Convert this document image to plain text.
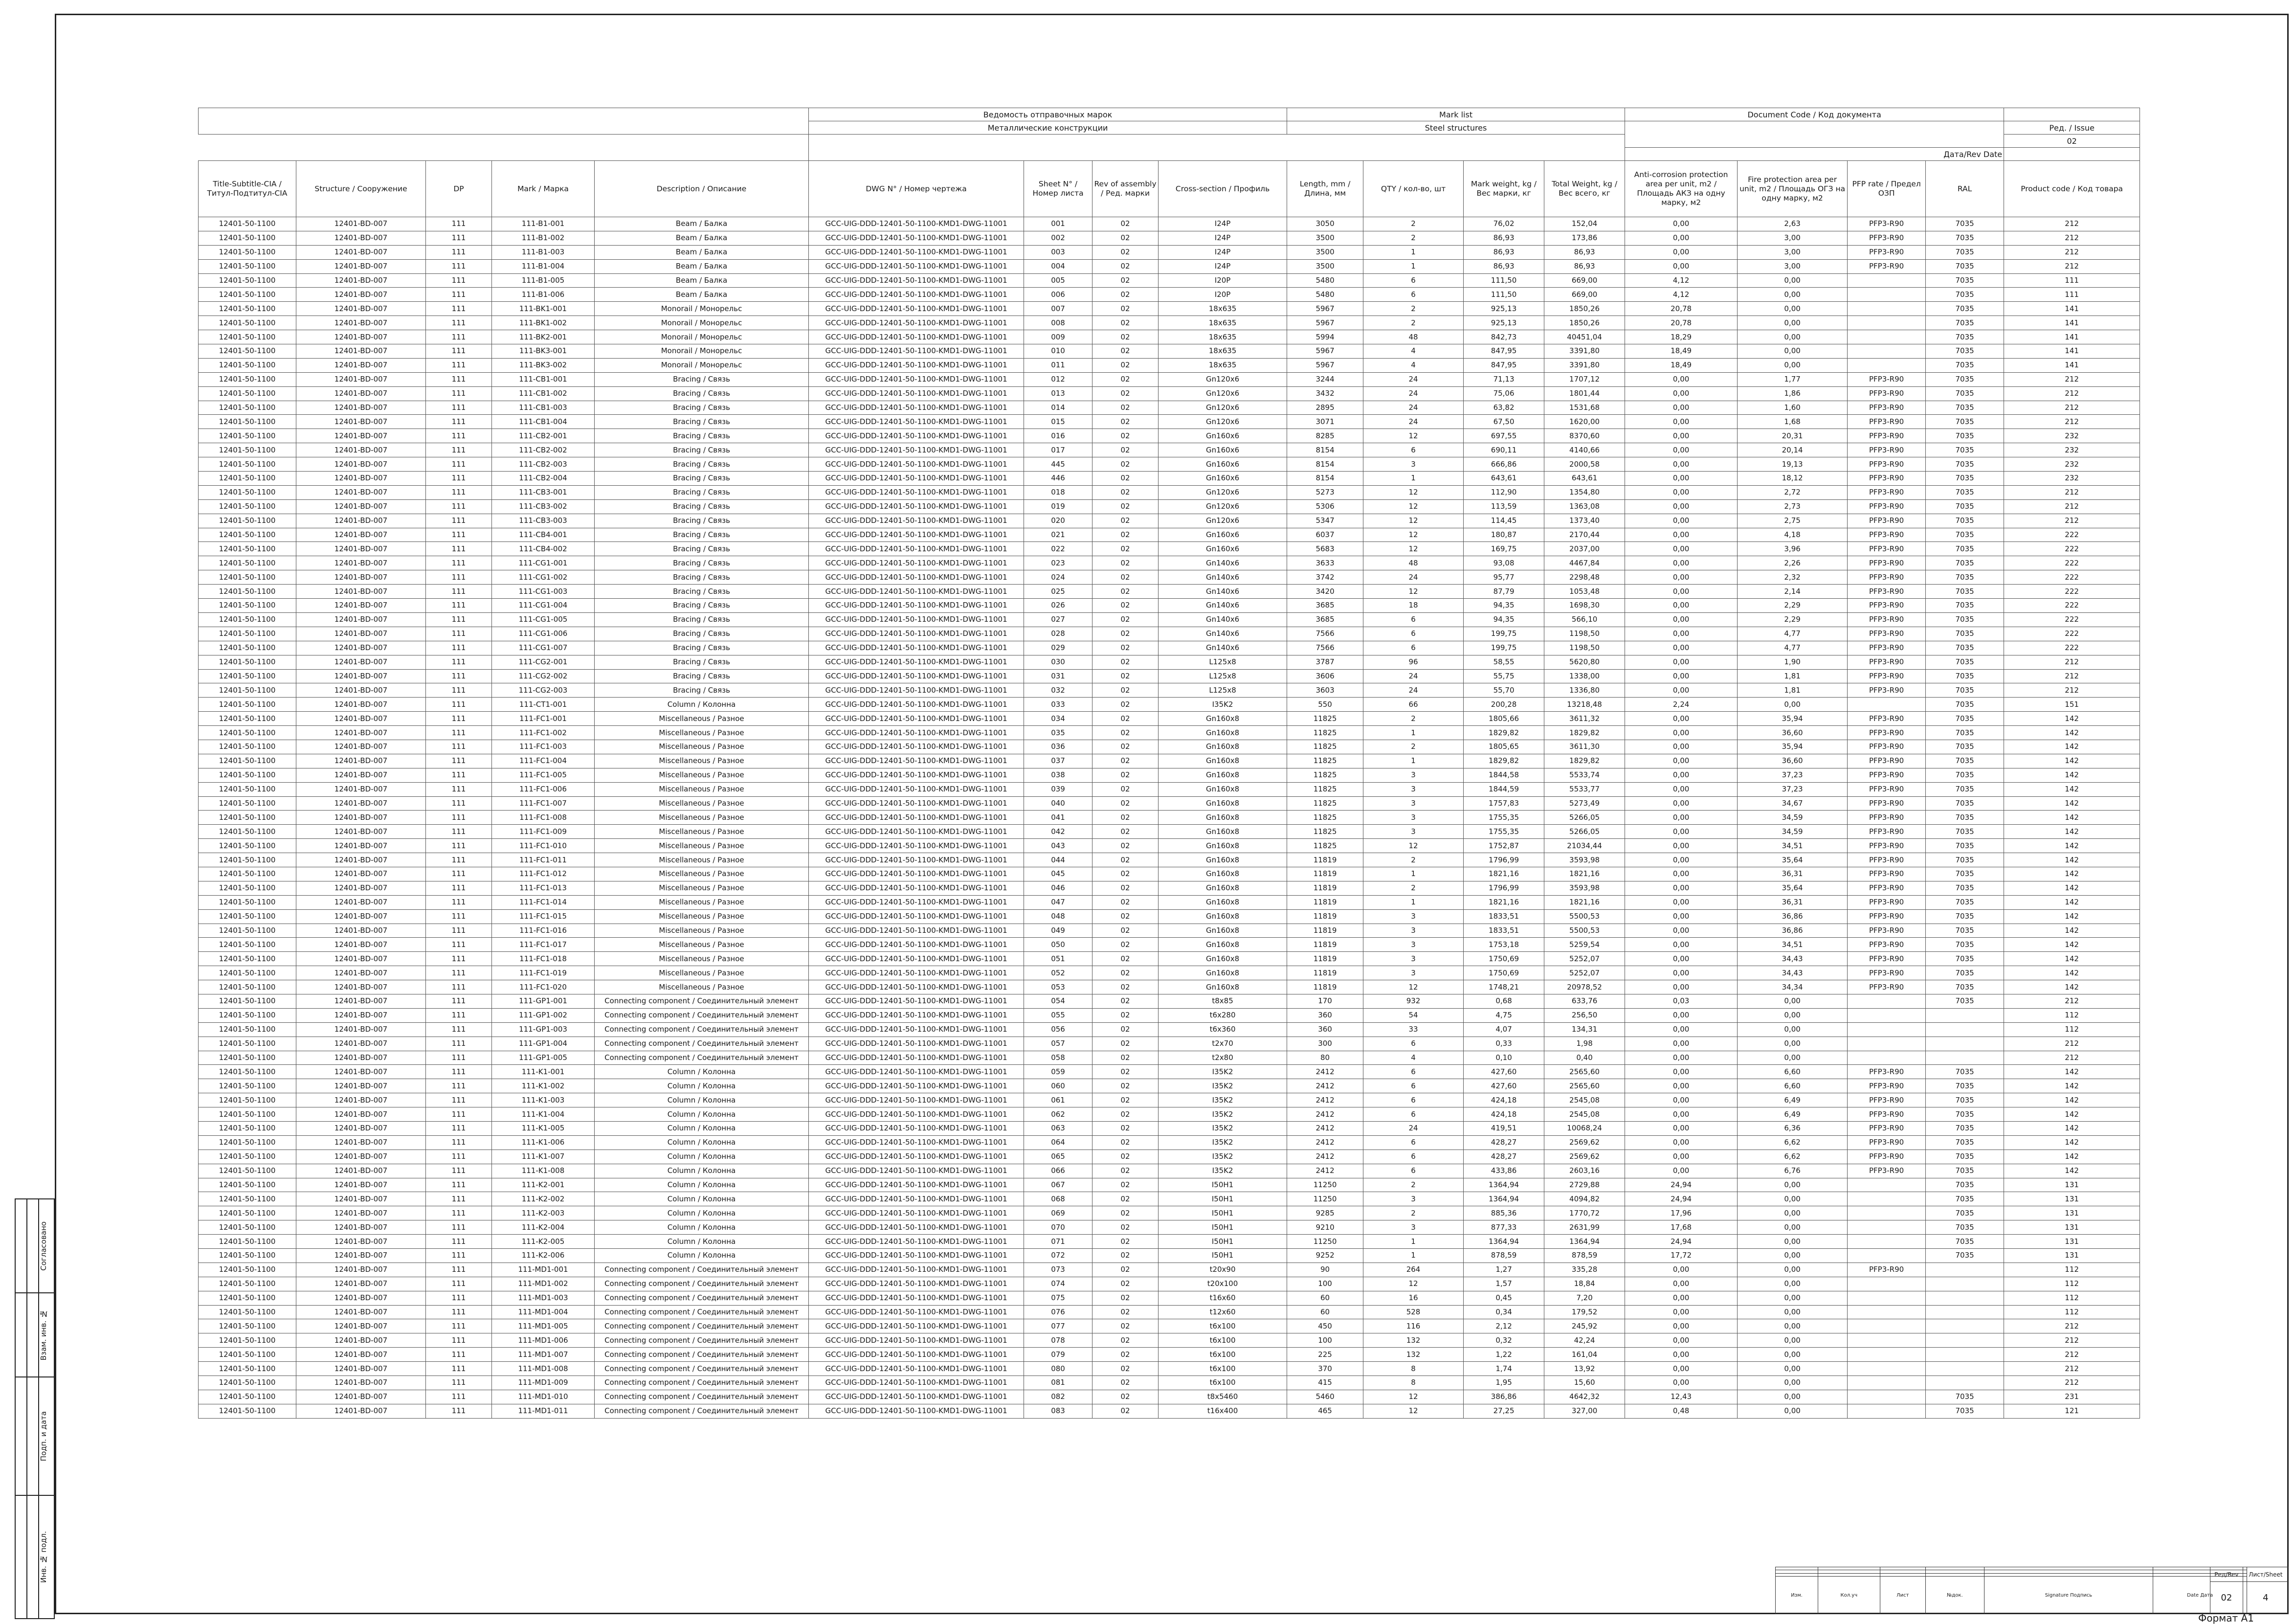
		Согласовано

		Взам. инв. №

		Подп. и дата

		Инв. № подл.
					Ведомость отправочных марок				Mark list				Document Code / Код документа				
					Металлические конструкции				Steel structures								Ред. / Issue
																	02
													Дата/Rev Date				
Title-Subtitle-CIA / Титул-Подтитул-CIA	Structure / Сооружение	DP	Mark / Марка	Description / Описание	DWG N° / Номер чертежа	Sheet N° / Номер листа	Rev of assembly / Ред. марки	Cross-section / Профиль	Length, mm / Длина, мм	QTY / кол-во, шт	Mark weight, kg / Вес марки, кг	Total Weight, kg / Вес всего, кг	Anti-corrosion protection area per unit, m2 / Площадь АКЗ на одну марку, м2	Fire protection area per unit, m2 / Площадь ОГЗ на одну марку, м2	PFP rate / Предел ОЗП	RAL	Product code / Код товара
12401-50-1100	12401-BD-007	111	111-B1-001	Beam / Балка	GCC-UIG-DDD-12401-50-1100-KMD1-DWG-11001	001	02	I24P	3050	2	76,02	152,04	0,00	2,63	PFP3-R90	7035	212
12401-50-1100	12401-BD-007	111	111-B1-002	Beam / Балка	GCC-UIG-DDD-12401-50-1100-KMD1-DWG-11001	002	02	I24P	3500	2	86,93	173,86	0,00	3,00	PFP3-R90	7035	212
12401-50-1100	12401-BD-007	111	111-B1-003	Beam / Балка	GCC-UIG-DDD-12401-50-1100-KMD1-DWG-11001	003	02	I24P	3500	1	86,93	86,93	0,00	3,00	PFP3-R90	7035	212
12401-50-1100	12401-BD-007	111	111-B1-004	Beam / Балка	GCC-UIG-DDD-12401-50-1100-KMD1-DWG-11001	004	02	I24P	3500	1	86,93	86,93	0,00	3,00	PFP3-R90	7035	212
12401-50-1100	12401-BD-007	111	111-B1-005	Beam / Балка	GCC-UIG-DDD-12401-50-1100-KMD1-DWG-11001	005	02	I20P	5480	6	111,50	669,00	4,12	0,00		7035	111
12401-50-1100	12401-BD-007	111	111-B1-006	Beam / Балка	GCC-UIG-DDD-12401-50-1100-KMD1-DWG-11001	006	02	I20P	5480	6	111,50	669,00	4,12	0,00		7035	111
12401-50-1100	12401-BD-007	111	111-BK1-001	Monorail / Монорельс	GCC-UIG-DDD-12401-50-1100-KMD1-DWG-11001	007	02	18x635	5967	2	925,13	1850,26	20,78	0,00		7035	141
12401-50-1100	12401-BD-007	111	111-BK1-002	Monorail / Монорельс	GCC-UIG-DDD-12401-50-1100-KMD1-DWG-11001	008	02	18x635	5967	2	925,13	1850,26	20,78	0,00		7035	141
12401-50-1100	12401-BD-007	111	111-BK2-001	Monorail / Монорельс	GCC-UIG-DDD-12401-50-1100-KMD1-DWG-11001	009	02	18x635	5994	48	842,73	40451,04	18,29	0,00		7035	141
12401-50-1100	12401-BD-007	111	111-BK3-001	Monorail / Монорельс	GCC-UIG-DDD-12401-50-1100-KMD1-DWG-11001	010	02	18x635	5967	4	847,95	3391,80	18,49	0,00		7035	141
12401-50-1100	12401-BD-007	111	111-BK3-002	Monorail / Монорельс	GCC-UIG-DDD-12401-50-1100-KMD1-DWG-11001	011	02	18x635	5967	4	847,95	3391,80	18,49	0,00		7035	141
12401-50-1100	12401-BD-007	111	111-CB1-001	Bracing / Связь	GCC-UIG-DDD-12401-50-1100-KMD1-DWG-11001	012	02	Gn120x6	3244	24	71,13	1707,12	0,00	1,77	PFP3-R90	7035	212
12401-50-1100	12401-BD-007	111	111-CB1-002	Bracing / Связь	GCC-UIG-DDD-12401-50-1100-KMD1-DWG-11001	013	02	Gn120x6	3432	24	75,06	1801,44	0,00	1,86	PFP3-R90	7035	212
12401-50-1100	12401-BD-007	111	111-CB1-003	Bracing / Связь	GCC-UIG-DDD-12401-50-1100-KMD1-DWG-11001	014	02	Gn120x6	2895	24	63,82	1531,68	0,00	1,60	PFP3-R90	7035	212
12401-50-1100	12401-BD-007	111	111-CB1-004	Bracing / Связь	GCC-UIG-DDD-12401-50-1100-KMD1-DWG-11001	015	02	Gn120x6	3071	24	67,50	1620,00	0,00	1,68	PFP3-R90	7035	212
12401-50-1100	12401-BD-007	111	111-CB2-001	Bracing / Связь	GCC-UIG-DDD-12401-50-1100-KMD1-DWG-11001	016	02	Gn160x6	8285	12	697,55	8370,60	0,00	20,31	PFP3-R90	7035	232
12401-50-1100	12401-BD-007	111	111-CB2-002	Bracing / Связь	GCC-UIG-DDD-12401-50-1100-KMD1-DWG-11001	017	02	Gn160x6	8154	6	690,11	4140,66	0,00	20,14	PFP3-R90	7035	232
12401-50-1100	12401-BD-007	111	111-CB2-003	Bracing / Связь	GCC-UIG-DDD-12401-50-1100-KMD1-DWG-11001	445	02	Gn160x6	8154	3	666,86	2000,58	0,00	19,13	PFP3-R90	7035	232
12401-50-1100	12401-BD-007	111	111-CB2-004	Bracing / Связь	GCC-UIG-DDD-12401-50-1100-KMD1-DWG-11001	446	02	Gn160x6	8154	1	643,61	643,61	0,00	18,12	PFP3-R90	7035	232
12401-50-1100	12401-BD-007	111	111-CB3-001	Bracing / Связь	GCC-UIG-DDD-12401-50-1100-KMD1-DWG-11001	018	02	Gn120x6	5273	12	112,90	1354,80	0,00	2,72	PFP3-R90	7035	212
12401-50-1100	12401-BD-007	111	111-CB3-002	Bracing / Связь	GCC-UIG-DDD-12401-50-1100-KMD1-DWG-11001	019	02	Gn120x6	5306	12	113,59	1363,08	0,00	2,73	PFP3-R90	7035	212
12401-50-1100	12401-BD-007	111	111-CB3-003	Bracing / Связь	GCC-UIG-DDD-12401-50-1100-KMD1-DWG-11001	020	02	Gn120x6	5347	12	114,45	1373,40	0,00	2,75	PFP3-R90	7035	212
12401-50-1100	12401-BD-007	111	111-CB4-001	Bracing / Связь	GCC-UIG-DDD-12401-50-1100-KMD1-DWG-11001	021	02	Gn160x6	6037	12	180,87	2170,44	0,00	4,18	PFP3-R90	7035	222
12401-50-1100	12401-BD-007	111	111-CB4-002	Bracing / Связь	GCC-UIG-DDD-12401-50-1100-KMD1-DWG-11001	022	02	Gn160x6	5683	12	169,75	2037,00	0,00	3,96	PFP3-R90	7035	222
12401-50-1100	12401-BD-007	111	111-CG1-001	Bracing / Связь	GCC-UIG-DDD-12401-50-1100-KMD1-DWG-11001	023	02	Gn140x6	3633	48	93,08	4467,84	0,00	2,26	PFP3-R90	7035	222
12401-50-1100	12401-BD-007	111	111-CG1-002	Bracing / Связь	GCC-UIG-DDD-12401-50-1100-KMD1-DWG-11001	024	02	Gn140x6	3742	24	95,77	2298,48	0,00	2,32	PFP3-R90	7035	222
12401-50-1100	12401-BD-007	111	111-CG1-003	Bracing / Связь	GCC-UIG-DDD-12401-50-1100-KMD1-DWG-11001	025	02	Gn140x6	3420	12	87,79	1053,48	0,00	2,14	PFP3-R90	7035	222
12401-50-1100	12401-BD-007	111	111-CG1-004	Bracing / Связь	GCC-UIG-DDD-12401-50-1100-KMD1-DWG-11001	026	02	Gn140x6	3685	18	94,35	1698,30	0,00	2,29	PFP3-R90	7035	222
12401-50-1100	12401-BD-007	111	111-CG1-005	Bracing / Связь	GCC-UIG-DDD-12401-50-1100-KMD1-DWG-11001	027	02	Gn140x6	3685	6	94,35	566,10	0,00	2,29	PFP3-R90	7035	222
12401-50-1100	12401-BD-007	111	111-CG1-006	Bracing / Связь	GCC-UIG-DDD-12401-50-1100-KMD1-DWG-11001	028	02	Gn140x6	7566	6	199,75	1198,50	0,00	4,77	PFP3-R90	7035	222
12401-50-1100	12401-BD-007	111	111-CG1-007	Bracing / Связь	GCC-UIG-DDD-12401-50-1100-KMD1-DWG-11001	029	02	Gn140x6	7566	6	199,75	1198,50	0,00	4,77	PFP3-R90	7035	222
12401-50-1100	12401-BD-007	111	111-CG2-001	Bracing / Связь	GCC-UIG-DDD-12401-50-1100-KMD1-DWG-11001	030	02	L125x8	3787	96	58,55	5620,80	0,00	1,90	PFP3-R90	7035	212
12401-50-1100	12401-BD-007	111	111-CG2-002	Bracing / Связь	GCC-UIG-DDD-12401-50-1100-KMD1-DWG-11001	031	02	L125x8	3606	24	55,75	1338,00	0,00	1,81	PFP3-R90	7035	212
12401-50-1100	12401-BD-007	111	111-CG2-003	Bracing / Связь	GCC-UIG-DDD-12401-50-1100-KMD1-DWG-11001	032	02	L125x8	3603	24	55,70	1336,80	0,00	1,81	PFP3-R90	7035	212
12401-50-1100	12401-BD-007	111	111-CT1-001	Column / Колонна	GCC-UIG-DDD-12401-50-1100-KMD1-DWG-11001	033	02	I35K2	550	66	200,28	13218,48	2,24	0,00		7035	151
12401-50-1100	12401-BD-007	111	111-FC1-001	Miscellaneous / Разное	GCC-UIG-DDD-12401-50-1100-KMD1-DWG-11001	034	02	Gn160x8	11825	2	1805,66	3611,32	0,00	35,94	PFP3-R90	7035	142
12401-50-1100	12401-BD-007	111	111-FC1-002	Miscellaneous / Разное	GCC-UIG-DDD-12401-50-1100-KMD1-DWG-11001	035	02	Gn160x8	11825	1	1829,82	1829,82	0,00	36,60	PFP3-R90	7035	142
12401-50-1100	12401-BD-007	111	111-FC1-003	Miscellaneous / Разное	GCC-UIG-DDD-12401-50-1100-KMD1-DWG-11001	036	02	Gn160x8	11825	2	1805,65	3611,30	0,00	35,94	PFP3-R90	7035	142
12401-50-1100	12401-BD-007	111	111-FC1-004	Miscellaneous / Разное	GCC-UIG-DDD-12401-50-1100-KMD1-DWG-11001	037	02	Gn160x8	11825	1	1829,82	1829,82	0,00	36,60	PFP3-R90	7035	142
12401-50-1100	12401-BD-007	111	111-FC1-005	Miscellaneous / Разное	GCC-UIG-DDD-12401-50-1100-KMD1-DWG-11001	038	02	Gn160x8	11825	3	1844,58	5533,74	0,00	37,23	PFP3-R90	7035	142
12401-50-1100	12401-BD-007	111	111-FC1-006	Miscellaneous / Разное	GCC-UIG-DDD-12401-50-1100-KMD1-DWG-11001	039	02	Gn160x8	11825	3	1844,59	5533,77	0,00	37,23	PFP3-R90	7035	142
12401-50-1100	12401-BD-007	111	111-FC1-007	Miscellaneous / Разное	GCC-UIG-DDD-12401-50-1100-KMD1-DWG-11001	040	02	Gn160x8	11825	3	1757,83	5273,49	0,00	34,67	PFP3-R90	7035	142
12401-50-1100	12401-BD-007	111	111-FC1-008	Miscellaneous / Разное	GCC-UIG-DDD-12401-50-1100-KMD1-DWG-11001	041	02	Gn160x8	11825	3	1755,35	5266,05	0,00	34,59	PFP3-R90	7035	142
12401-50-1100	12401-BD-007	111	111-FC1-009	Miscellaneous / Разное	GCC-UIG-DDD-12401-50-1100-KMD1-DWG-11001	042	02	Gn160x8	11825	3	1755,35	5266,05	0,00	34,59	PFP3-R90	7035	142
12401-50-1100	12401-BD-007	111	111-FC1-010	Miscellaneous / Разное	GCC-UIG-DDD-12401-50-1100-KMD1-DWG-11001	043	02	Gn160x8	11825	12	1752,87	21034,44	0,00	34,51	PFP3-R90	7035	142
12401-50-1100	12401-BD-007	111	111-FC1-011	Miscellaneous / Разное	GCC-UIG-DDD-12401-50-1100-KMD1-DWG-11001	044	02	Gn160x8	11819	2	1796,99	3593,98	0,00	35,64	PFP3-R90	7035	142
12401-50-1100	12401-BD-007	111	111-FC1-012	Miscellaneous / Разное	GCC-UIG-DDD-12401-50-1100-KMD1-DWG-11001	045	02	Gn160x8	11819	1	1821,16	1821,16	0,00	36,31	PFP3-R90	7035	142
12401-50-1100	12401-BD-007	111	111-FC1-013	Miscellaneous / Разное	GCC-UIG-DDD-12401-50-1100-KMD1-DWG-11001	046	02	Gn160x8	11819	2	1796,99	3593,98	0,00	35,64	PFP3-R90	7035	142
12401-50-1100	12401-BD-007	111	111-FC1-014	Miscellaneous / Разное	GCC-UIG-DDD-12401-50-1100-KMD1-DWG-11001	047	02	Gn160x8	11819	1	1821,16	1821,16	0,00	36,31	PFP3-R90	7035	142
12401-50-1100	12401-BD-007	111	111-FC1-015	Miscellaneous / Разное	GCC-UIG-DDD-12401-50-1100-KMD1-DWG-11001	048	02	Gn160x8	11819	3	1833,51	5500,53	0,00	36,86	PFP3-R90	7035	142
12401-50-1100	12401-BD-007	111	111-FC1-016	Miscellaneous / Разное	GCC-UIG-DDD-12401-50-1100-KMD1-DWG-11001	049	02	Gn160x8	11819	3	1833,51	5500,53	0,00	36,86	PFP3-R90	7035	142
12401-50-1100	12401-BD-007	111	111-FC1-017	Miscellaneous / Разное	GCC-UIG-DDD-12401-50-1100-KMD1-DWG-11001	050	02	Gn160x8	11819	3	1753,18	5259,54	0,00	34,51	PFP3-R90	7035	142
12401-50-1100	12401-BD-007	111	111-FC1-018	Miscellaneous / Разное	GCC-UIG-DDD-12401-50-1100-KMD1-DWG-11001	051	02	Gn160x8	11819	3	1750,69	5252,07	0,00	34,43	PFP3-R90	7035	142
12401-50-1100	12401-BD-007	111	111-FC1-019	Miscellaneous / Разное	GCC-UIG-DDD-12401-50-1100-KMD1-DWG-11001	052	02	Gn160x8	11819	3	1750,69	5252,07	0,00	34,43	PFP3-R90	7035	142
12401-50-1100	12401-BD-007	111	111-FC1-020	Miscellaneous / Разное	GCC-UIG-DDD-12401-50-1100-KMD1-DWG-11001	053	02	Gn160x8	11819	12	1748,21	20978,52	0,00	34,34	PFP3-R90	7035	142
12401-50-1100	12401-BD-007	111	111-GP1-001	Connecting component / Соединительный элемент	GCC-UIG-DDD-12401-50-1100-KMD1-DWG-11001	054	02	t8x85	170	932	0,68	633,76	0,03	0,00		7035	212
12401-50-1100	12401-BD-007	111	111-GP1-002	Connecting component / Соединительный элемент	GCC-UIG-DDD-12401-50-1100-KMD1-DWG-11001	055	02	t6x280	360	54	4,75	256,50	0,00	0,00			112
12401-50-1100	12401-BD-007	111	111-GP1-003	Connecting component / Соединительный элемент	GCC-UIG-DDD-12401-50-1100-KMD1-DWG-11001	056	02	t6x360	360	33	4,07	134,31	0,00	0,00			112
12401-50-1100	12401-BD-007	111	111-GP1-004	Connecting component / Соединительный элемент	GCC-UIG-DDD-12401-50-1100-KMD1-DWG-11001	057	02	t2x70	300	6	0,33	1,98	0,00	0,00			212
12401-50-1100	12401-BD-007	111	111-GP1-005	Connecting component / Соединительный элемент	GCC-UIG-DDD-12401-50-1100-KMD1-DWG-11001	058	02	t2x80	80	4	0,10	0,40	0,00	0,00			212
12401-50-1100	12401-BD-007	111	111-K1-001	Column / Колонна	GCC-UIG-DDD-12401-50-1100-KMD1-DWG-11001	059	02	I35K2	2412	6	427,60	2565,60	0,00	6,60	PFP3-R90	7035	142
12401-50-1100	12401-BD-007	111	111-K1-002	Column / Колонна	GCC-UIG-DDD-12401-50-1100-KMD1-DWG-11001	060	02	I35K2	2412	6	427,60	2565,60	0,00	6,60	PFP3-R90	7035	142
12401-50-1100	12401-BD-007	111	111-K1-003	Column / Колонна	GCC-UIG-DDD-12401-50-1100-KMD1-DWG-11001	061	02	I35K2	2412	6	424,18	2545,08	0,00	6,49	PFP3-R90	7035	142
12401-50-1100	12401-BD-007	111	111-K1-004	Column / Колонна	GCC-UIG-DDD-12401-50-1100-KMD1-DWG-11001	062	02	I35K2	2412	6	424,18	2545,08	0,00	6,49	PFP3-R90	7035	142
12401-50-1100	12401-BD-007	111	111-K1-005	Column / Колонна	GCC-UIG-DDD-12401-50-1100-KMD1-DWG-11001	063	02	I35K2	2412	24	419,51	10068,24	0,00	6,36	PFP3-R90	7035	142
12401-50-1100	12401-BD-007	111	111-K1-006	Column / Колонна	GCC-UIG-DDD-12401-50-1100-KMD1-DWG-11001	064	02	I35K2	2412	6	428,27	2569,62	0,00	6,62	PFP3-R90	7035	142
12401-50-1100	12401-BD-007	111	111-K1-007	Column / Колонна	GCC-UIG-DDD-12401-50-1100-KMD1-DWG-11001	065	02	I35K2	2412	6	428,27	2569,62	0,00	6,62	PFP3-R90	7035	142
12401-50-1100	12401-BD-007	111	111-K1-008	Column / Колонна	GCC-UIG-DDD-12401-50-1100-KMD1-DWG-11001	066	02	I35K2	2412	6	433,86	2603,16	0,00	6,76	PFP3-R90	7035	142
12401-50-1100	12401-BD-007	111	111-K2-001	Column / Колонна	GCC-UIG-DDD-12401-50-1100-KMD1-DWG-11001	067	02	I50H1	11250	2	1364,94	2729,88	24,94	0,00		7035	131
12401-50-1100	12401-BD-007	111	111-K2-002	Column / Колонна	GCC-UIG-DDD-12401-50-1100-KMD1-DWG-11001	068	02	I50H1	11250	3	1364,94	4094,82	24,94	0,00		7035	131
12401-50-1100	12401-BD-007	111	111-K2-003	Column / Колонна	GCC-UIG-DDD-12401-50-1100-KMD1-DWG-11001	069	02	I50H1	9285	2	885,36	1770,72	17,96	0,00		7035	131
12401-50-1100	12401-BD-007	111	111-K2-004	Column / Колонна	GCC-UIG-DDD-12401-50-1100-KMD1-DWG-11001	070	02	I50H1	9210	3	877,33	2631,99	17,68	0,00		7035	131
12401-50-1100	12401-BD-007	111	111-K2-005	Column / Колонна	GCC-UIG-DDD-12401-50-1100-KMD1-DWG-11001	071	02	I50H1	11250	1	1364,94	1364,94	24,94	0,00		7035	131
12401-50-1100	12401-BD-007	111	111-K2-006	Column / Колонна	GCC-UIG-DDD-12401-50-1100-KMD1-DWG-11001	072	02	I50H1	9252	1	878,59	878,59	17,72	0,00		7035	131
12401-50-1100	12401-BD-007	111	111-MD1-001	Connecting component / Соединительный элемент	GCC-UIG-DDD-12401-50-1100-KMD1-DWG-11001	073	02	t20x90	90	264	1,27	335,28	0,00	0,00	PFP3-R90		112
12401-50-1100	12401-BD-007	111	111-MD1-002	Connecting component / Соединительный элемент	GCC-UIG-DDD-12401-50-1100-KMD1-DWG-11001	074	02	t20x100	100	12	1,57	18,84	0,00	0,00			112
12401-50-1100	12401-BD-007	111	111-MD1-003	Connecting component / Соединительный элемент	GCC-UIG-DDD-12401-50-1100-KMD1-DWG-11001	075	02	t16x60	60	16	0,45	7,20	0,00	0,00			112
12401-50-1100	12401-BD-007	111	111-MD1-004	Connecting component / Соединительный элемент	GCC-UIG-DDD-12401-50-1100-KMD1-DWG-11001	076	02	t12x60	60	528	0,34	179,52	0,00	0,00			112
12401-50-1100	12401-BD-007	111	111-MD1-005	Connecting component / Соединительный элемент	GCC-UIG-DDD-12401-50-1100-KMD1-DWG-11001	077	02	t6x100	450	116	2,12	245,92	0,00	0,00			212
12401-50-1100	12401-BD-007	111	111-MD1-006	Connecting component / Соединительный элемент	GCC-UIG-DDD-12401-50-1100-KMD1-DWG-11001	078	02	t6x100	100	132	0,32	42,24	0,00	0,00			212
12401-50-1100	12401-BD-007	111	111-MD1-007	Connecting component / Соединительный элемент	GCC-UIG-DDD-12401-50-1100-KMD1-DWG-11001	079	02	t6x100	225	132	1,22	161,04	0,00	0,00			212
12401-50-1100	12401-BD-007	111	111-MD1-008	Connecting component / Соединительный элемент	GCC-UIG-DDD-12401-50-1100-KMD1-DWG-11001	080	02	t6x100	370	8	1,74	13,92	0,00	0,00			212
12401-50-1100	12401-BD-007	111	111-MD1-009	Connecting component / Соединительный элемент	GCC-UIG-DDD-12401-50-1100-KMD1-DWG-11001	081	02	t6x100	415	8	1,95	15,60	0,00	0,00			212
12401-50-1100	12401-BD-007	111	111-MD1-010	Connecting component / Соединительный элемент	GCC-UIG-DDD-12401-50-1100-KMD1-DWG-11001	082	02	t8x5460	5460	12	386,86	4642,32	12,43	0,00		7035	231
12401-50-1100	12401-BD-007	111	111-MD1-011	Connecting component / Соединительный элемент	GCC-UIG-DDD-12401-50-1100-KMD1-DWG-11001	083	02	t16x400	465	12	27,25	327,00	0,48	0,00		7035	121

Изм.	Кол.уч	Лист	№док.	Signature Подпись	Date Дата
Ред/Rev	Лист/Sheet
02	4
Формат А1
